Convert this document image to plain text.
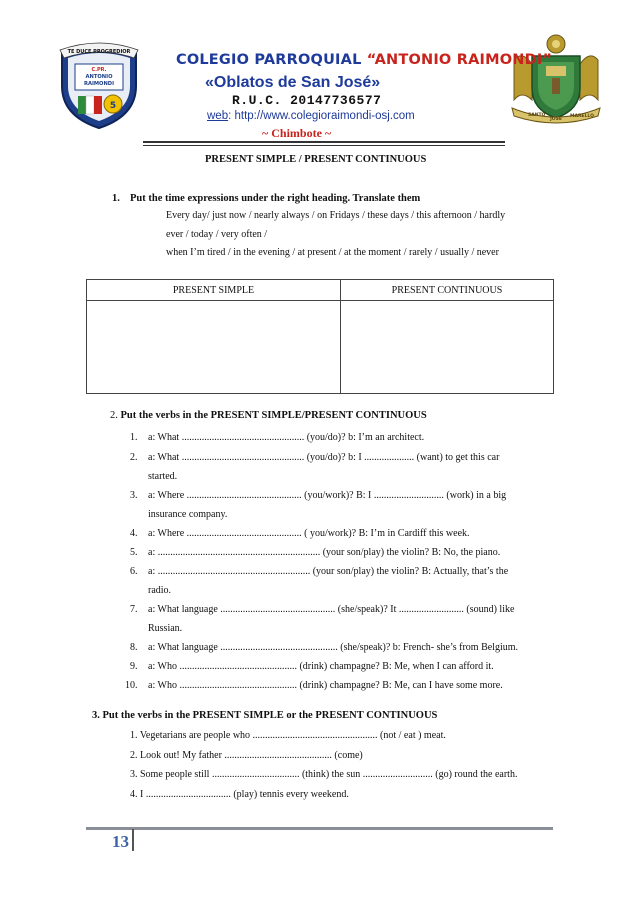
TE DUCE PROGREDIOR
C.PR.
ANTONIO
RAIMONDI
5
SANTO
JOSE
MARELLO
COLEGIO PARROQUIAL “ANTONIO RAIMONDI”
«Oblatos de San José»
R.U.C. 20147736577
web: http://www.colegioraimondi-osj.com
~ Chimbote ~
PRESENT SIMPLE / PRESENT CONTINUOUS
1. Put the time expressions under the right heading. Translate them
Every day/ just now / nearly always / on Fridays / these days / this afternoon / hardly
ever / today / very often /
when I’m tired / in the evening / at present / at the moment / rarely / usually / never
PRESENT SIMPLE	PRESENT CONTINUOUS

2. Put the verbs in the PRESENT SIMPLE/PRESENT CONTINUOUS
1. a: What ................................................. (you/do)? b: I’m an architect.
2. a: What ................................................. (you/do)? b: I .................... (want) to get this car
started.
3. a: Where .............................................. (you/work)? B: I ............................ (work) in a big
insurance company.
4. a: Where .............................................. ( you/work)? B: I’m in Cardiff this week.
5. a: ................................................................. (your son/play) the violin? B: No, the piano.
6. a: ............................................................. (your son/play) the violin? B: Actually, that’s the
radio.
7. a: What language .............................................. (she/speak)? It .......................... (sound) like
Russian.
8. a: What language ............................................... (she/speak)? b: French- she’s from Belgium.
9. a: Who ............................................... (drink) champagne? B: Me, when I can afford it.
10. a: Who ............................................... (drink) champagne? B: Me, can I have some more.
3. Put the verbs in the PRESENT SIMPLE or the PRESENT CONTINUOUS
1. Vegetarians are people who .................................................. (not / eat ) meat.
2. Look out! My father ........................................... (come)
3. Some people still ................................... (think) the sun ............................ (go) round the earth.
4. I .................................. (play) tennis every weekend.
13
